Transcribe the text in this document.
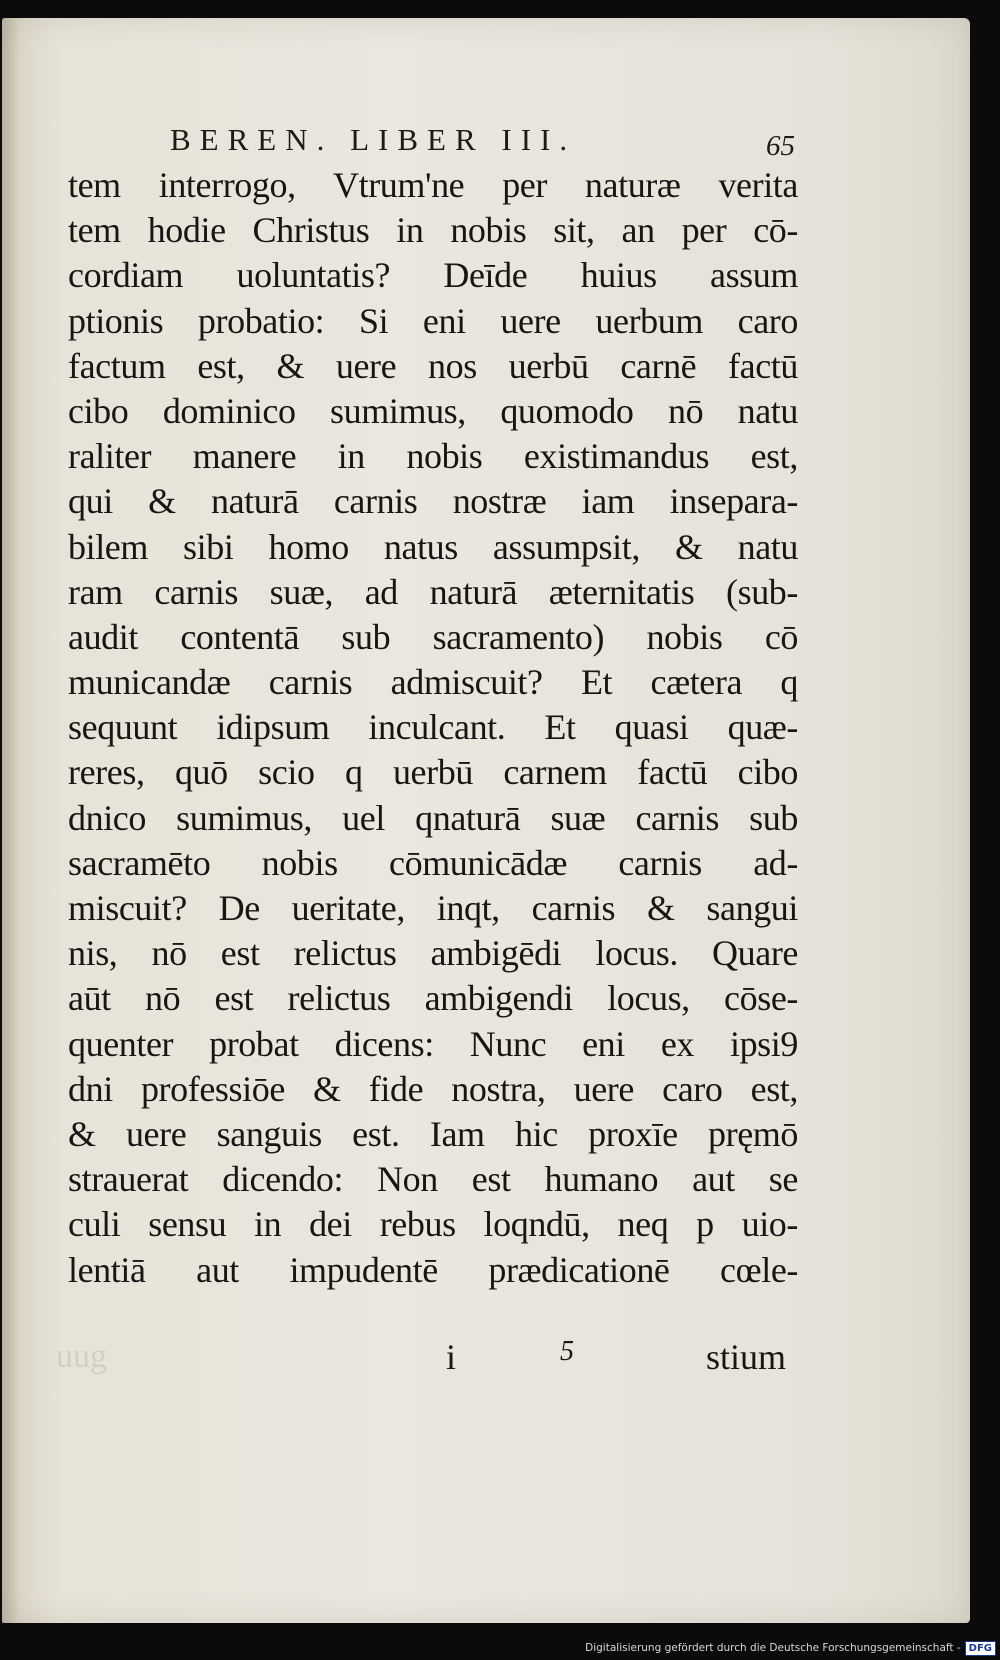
BEREN. LIBER III.	65
tem interrogo, Vtrum'ne per naturæ verita
tem hodie Christus in nobis sit, an per cō-
cordiam uoluntatis? Deīde huius assum
ptionis probatio: Si eni uere uerbum caro
factum est, & uere nos uerbū carnē factū
cibo dominico sumimus, quomodo nō natu
raliter manere in nobis existimandus est,
qui & naturā carnis nostræ iam insepara-
bilem sibi homo natus assumpsit, & natu
ram carnis suæ, ad naturā æternitatis (sub-
audit contentā sub sacramento) nobis cō
municandæ carnis admiscuit? Et cætera q
sequunt idipsum inculcant. Et quasi quæ-
reres, quō scio q uerbū carnem factū cibo
dnico sumimus, uel qnaturā suæ carnis sub
sacramēto nobis cōmunicādæ carnis ad-
miscuit? De ueritate, inqt, carnis & sangui
nis, nō est relictus ambigēdi locus. Quare
aūt nō est relictus ambigendi locus, cōse-
quenter probat dicens: Nunc eni ex ipsi9
dni professiōe & fide nostra, uere caro est,
& uere sanguis est. Iam hic proxīe pręmō
strauerat dicendo: Non est humano aut se
culi sensu in dei rebus loqndū, neq p uio-
lentiā aut impudentē prædicationē cœle-
uug	i	5	stium
Digitalisierung gefördert durch die Deutsche Forschungsgemeinschaft - DFG
